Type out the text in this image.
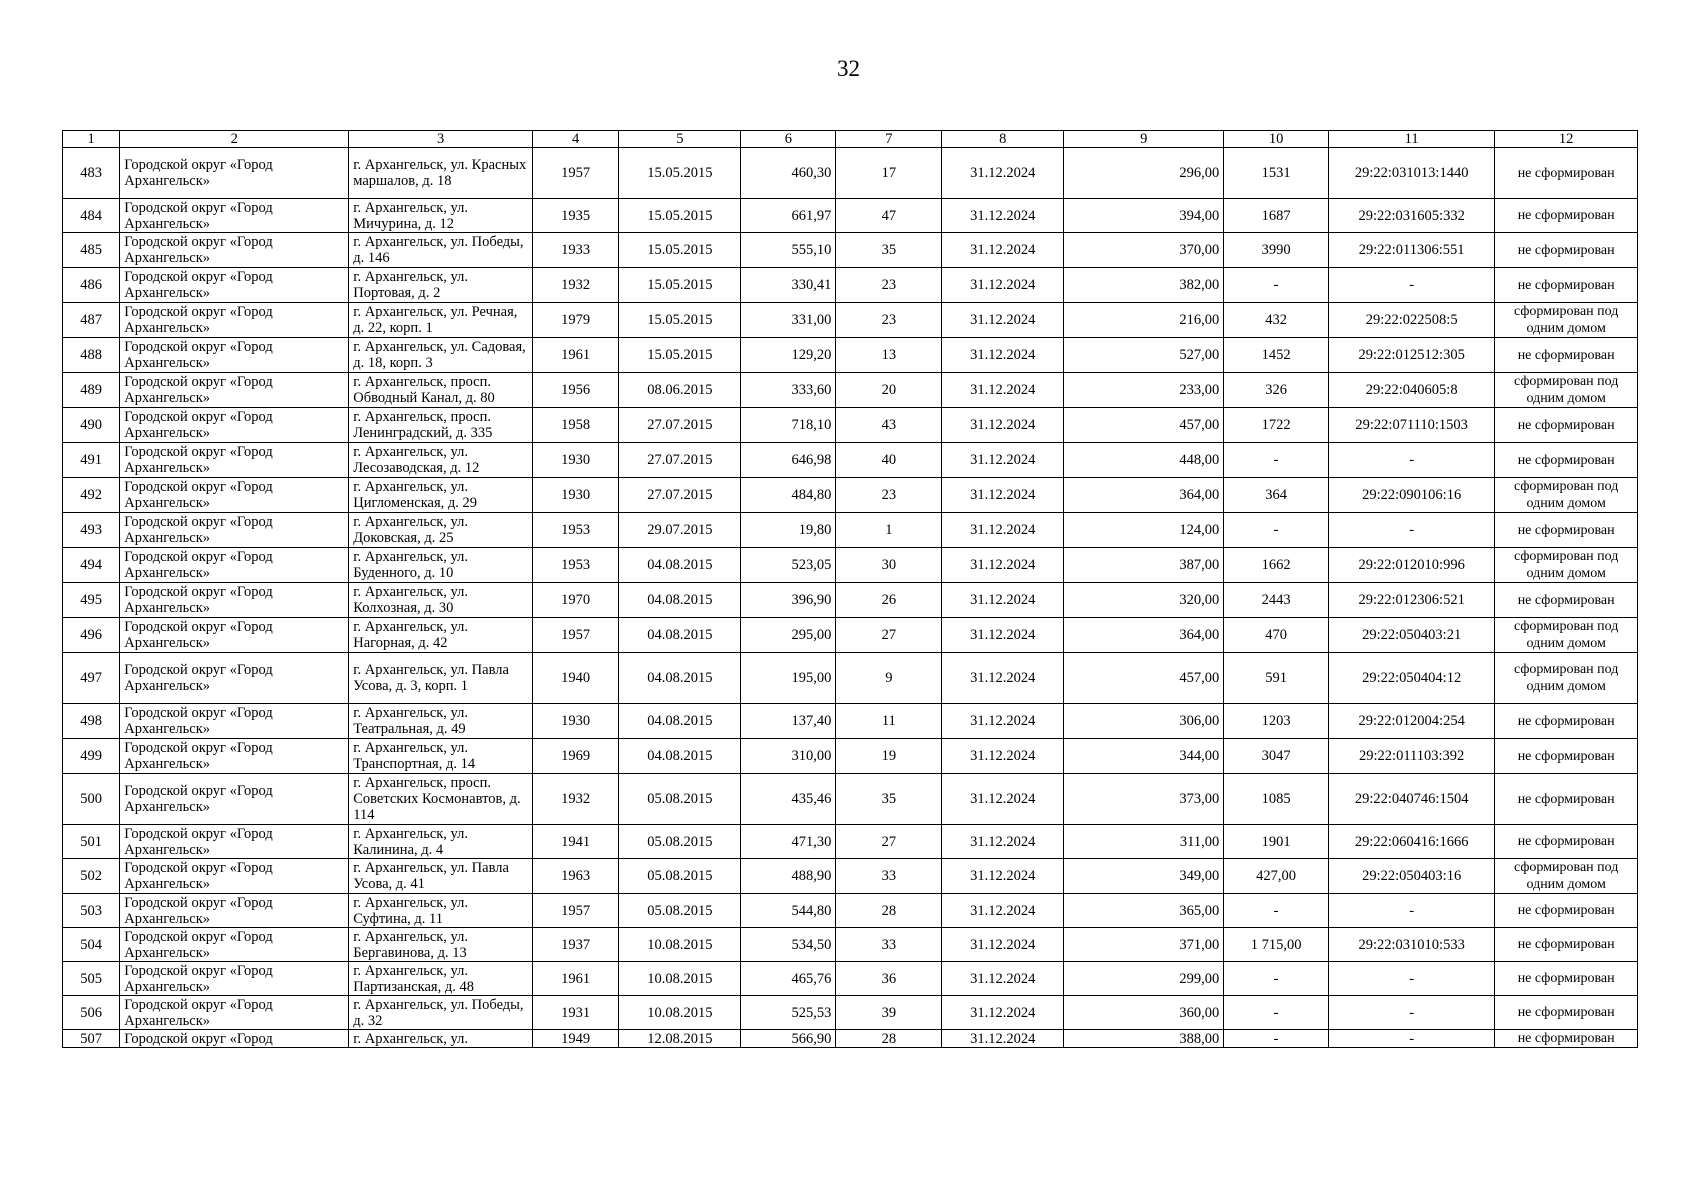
32
1	2	3	4	5	6	7	8	9	10	11	12
483	Городской округ «Город Архангельск»	г. Архангельск, ул. Красных маршалов, д. 18	1957	15.05.2015	460,30	17	31.12.2024	296,00	1531	29:22:031013:1440	не сформирован
484	Городской округ «Город Архангельск»	г. Архангельск, ул. Мичурина, д. 12	1935	15.05.2015	661,97	47	31.12.2024	394,00	1687	29:22:031605:332	не сформирован
485	Городской округ «Город Архангельск»	г. Архангельск, ул. Победы, д. 146	1933	15.05.2015	555,10	35	31.12.2024	370,00	3990	29:22:011306:551	не сформирован
486	Городской округ «Город Архангельск»	г. Архангельск, ул. Портовая, д. 2	1932	15.05.2015	330,41	23	31.12.2024	382,00	-	-	не сформирован
487	Городской округ «Город Архангельск»	г. Архангельск, ул. Речная, д. 22, корп. 1	1979	15.05.2015	331,00	23	31.12.2024	216,00	432	29:22:022508:5	сформирован под одним домом
488	Городской округ «Город Архангельск»	г. Архангельск, ул. Садовая, д. 18, корп. 3	1961	15.05.2015	129,20	13	31.12.2024	527,00	1452	29:22:012512:305	не сформирован
489	Городской округ «Город Архангельск»	г. Архангельск, просп. Обводный Канал, д. 80	1956	08.06.2015	333,60	20	31.12.2024	233,00	326	29:22:040605:8	сформирован под одним домом
490	Городской округ «Город Архангельск»	г. Архангельск, просп. Ленинградский, д. 335	1958	27.07.2015	718,10	43	31.12.2024	457,00	1722	29:22:071110:1503	не сформирован
491	Городской округ «Город Архангельск»	г. Архангельск, ул. Лесозаводская, д. 12	1930	27.07.2015	646,98	40	31.12.2024	448,00	-	-	не сформирован
492	Городской округ «Город Архангельск»	г. Архангельск, ул. Цигломенская, д. 29	1930	27.07.2015	484,80	23	31.12.2024	364,00	364	29:22:090106:16	сформирован под одним домом
493	Городской округ «Город Архангельск»	г. Архангельск, ул. Доковская, д. 25	1953	29.07.2015	19,80	1	31.12.2024	124,00	-	-	не сформирован
494	Городской округ «Город Архангельск»	г. Архангельск, ул. Буденного, д. 10	1953	04.08.2015	523,05	30	31.12.2024	387,00	1662	29:22:012010:996	сформирован под одним домом
495	Городской округ «Город Архангельск»	г. Архангельск, ул. Колхозная, д. 30	1970	04.08.2015	396,90	26	31.12.2024	320,00	2443	29:22:012306:521	не сформирован
496	Городской округ «Город Архангельск»	г. Архангельск, ул. Нагорная, д. 42	1957	04.08.2015	295,00	27	31.12.2024	364,00	470	29:22:050403:21	сформирован под одним домом
497	Городской округ «Город Архангельск»	г. Архангельск, ул. Павла Усова, д. 3, корп. 1	1940	04.08.2015	195,00	9	31.12.2024	457,00	591	29:22:050404:12	сформирован под одним домом
498	Городской округ «Город Архангельск»	г. Архангельск, ул. Театральная, д. 49	1930	04.08.2015	137,40	11	31.12.2024	306,00	1203	29:22:012004:254	не сформирован
499	Городской округ «Город Архангельск»	г. Архангельск, ул. Транспортная, д. 14	1969	04.08.2015	310,00	19	31.12.2024	344,00	3047	29:22:011103:392	не сформирован
500	Городской округ «Город Архангельск»	г. Архангельск, просп. Советских Космонавтов, д. 114	1932	05.08.2015	435,46	35	31.12.2024	373,00	1085	29:22:040746:1504	не сформирован
501	Городской округ «Город Архангельск»	г. Архангельск, ул. Калинина, д. 4	1941	05.08.2015	471,30	27	31.12.2024	311,00	1901	29:22:060416:1666	не сформирован
502	Городской округ «Город Архангельск»	г. Архангельск, ул. Павла Усова, д. 41	1963	05.08.2015	488,90	33	31.12.2024	349,00	427,00	29:22:050403:16	сформирован под одним домом
503	Городской округ «Город Архангельск»	г. Архангельск, ул. Суфтина, д. 11	1957	05.08.2015	544,80	28	31.12.2024	365,00	-	-	не сформирован
504	Городской округ «Город Архангельск»	г. Архангельск, ул. Бергавинова, д. 13	1937	10.08.2015	534,50	33	31.12.2024	371,00	1 715,00	29:22:031010:533	не сформирован
505	Городской округ «Город Архангельск»	г. Архангельск, ул. Партизанская, д. 48	1961	10.08.2015	465,76	36	31.12.2024	299,00	-	-	не сформирован
506	Городской округ «Город Архангельск»	г. Архангельск, ул. Победы, д. 32	1931	10.08.2015	525,53	39	31.12.2024	360,00	-	-	не сформирован
507	Городской округ «Город	г. Архангельск, ул.	1949	12.08.2015	566,90	28	31.12.2024	388,00	-	-	не сформирован
